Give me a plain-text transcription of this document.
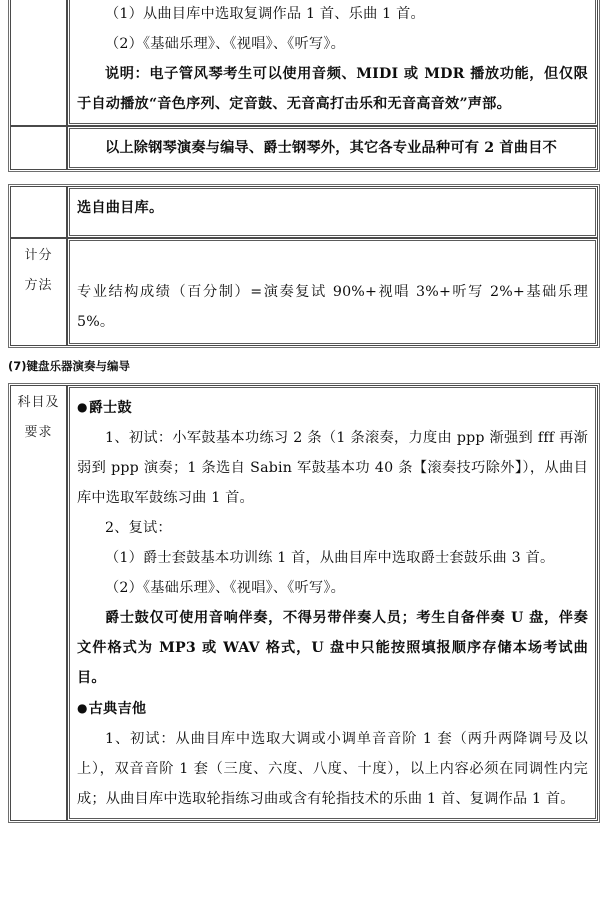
	（1）从曲目库中选取复调作品 1 首、乐曲 1 首。

（2）《基础乐理》、《视唱》、《听写》。

说明：电子管风琴考生可以使用音频、MIDI 或 MDR 播放功能，但仅限于自动播放“音色序列、定音鼓、无音高打击乐和无音高音效”声部。

	以上除钢琴演奏与编导、爵士钢琴外，其它各专业品种可有 2 首曲目不

	选自曲目库。

计分
方法	专业结构成绩（百分制）=演奏复试 90%+视唱 3%+听写 2%+基础乐理 5%。

(7)键盘乐器演奏与编导

科目及
要求

●爵士鼓

1、初试：小军鼓基本功练习 2 条（1 条滚奏，力度由 ppp 渐强到 fff 再渐弱到 ppp 演奏；1 条选自 Sabin 军鼓基本功 40 条【滚奏技巧除外】），从曲目库中选取军鼓练习曲 1 首。

2、复试：

（1）爵士套鼓基本功训练 1 首，从曲目库中选取爵士套鼓乐曲 3 首。

（2）《基础乐理》、《视唱》、《听写》。

爵士鼓仅可使用音响伴奏，不得另带伴奏人员；考生自备伴奏 U 盘，伴奏文件格式为 MP3 或 WAV 格式，U 盘中只能按照填报顺序存储本场考试曲目。

●古典吉他

1、初试：从曲目库中选取大调或小调单音音阶 1 套（两升两降调号及以上），双音音阶 1 套（三度、六度、八度、十度），以上内容必须在同调性内完成；从曲目库中选取轮指练习曲或含有轮指技术的乐曲 1 首、复调作品 1 首。
